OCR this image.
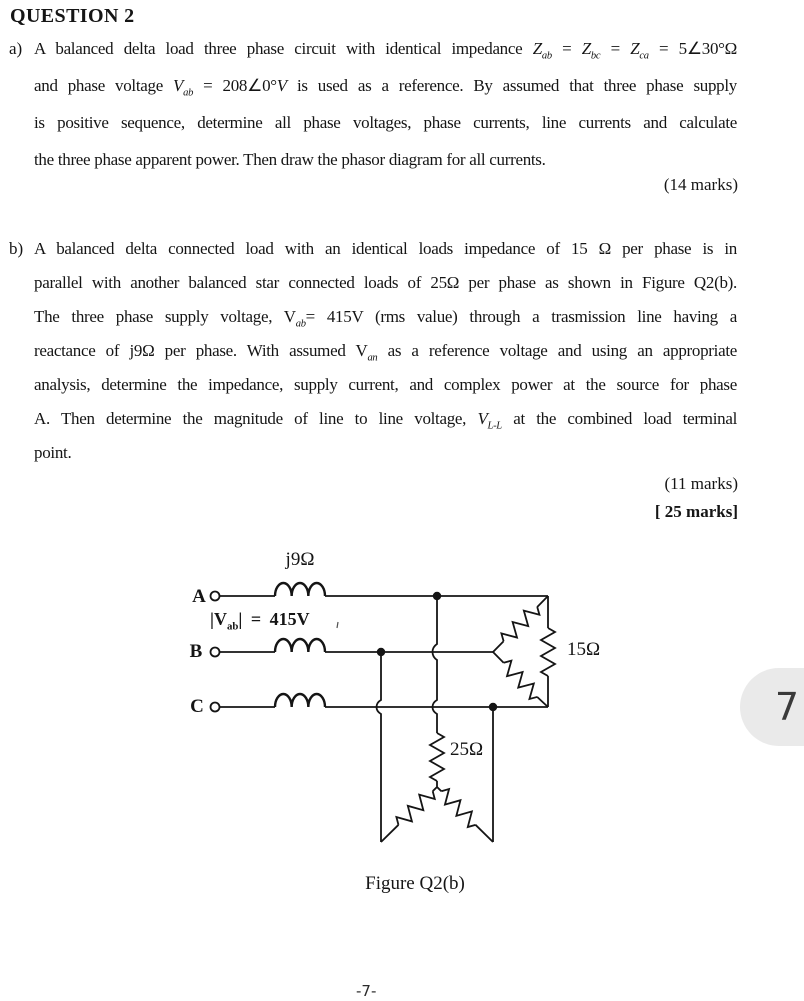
QUESTION 2
a) A balanced delta load three phase circuit with identical impedance $Z_{ab} = Z_{bc} = Z_{ca}$ = 5∠30°Ω
and phase voltage $V_{ab}$ = 208∠0°V is used as a reference. By assumed that three phase supply
is positive sequence, determine all phase voltages, phase currents, line currents and calculate
the three phase apparent power. Then draw the phasor diagram for all currents.
(14 marks)
b) A balanced delta connected load with an identical loads impedance of 15 Ω per phase is in
parallel with another balanced star connected loads of 25Ω per phase as shown in Figure Q2(b).
The three phase supply voltage, $V_{ab}= 415V$ (rms value) through a trasmission line having a
reactance of j9Ω per phase. With assumed $V_{an}$ as a reference voltage and using an appropriate
analysis, determine the impedance, supply current, and complex power at the source for phase
A. Then determine the magnitude of line to line voltage, $V_{L-L}$ at the combined load terminal
point.
(11 marks)
[ 25 marks]
A
B
C
j9Ω
$|V_{ab}| = 415V$
15Ω
25Ω
Figure Q2(b)
-7-
7
